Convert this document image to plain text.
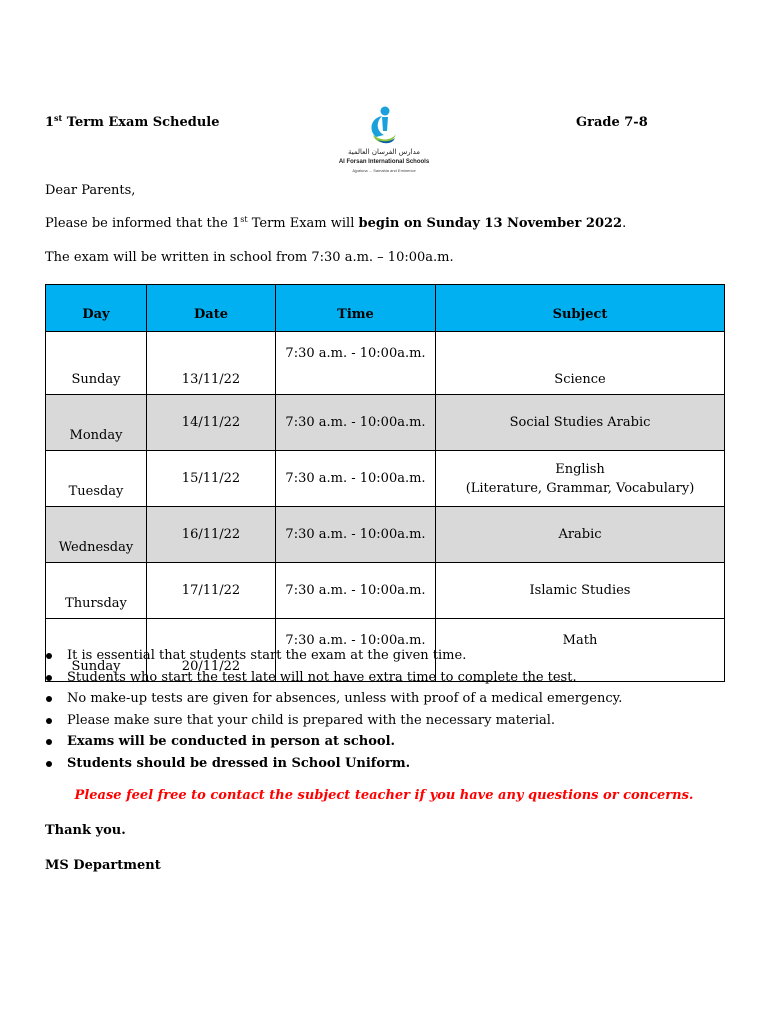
1st Term Exam Schedule
مدارس الفرسان العالمية
Al Forsan International Schools
Ajyaluna ... Samahia and Eminence
Grade 7-8
Dear Parents,
Please be informed that the 1st Term Exam will begin on Sunday 13 November 2022.
The exam will be written in school from 7:30 a.m. – 10:00a.m.
Day	Date	Time	Subject
Sunday	13/11/22	7:30 a.m. - 10:00a.m.	Science
Monday	14/11/22	7:30 a.m. - 10:00a.m.	Social Studies Arabic
Tuesday	15/11/22	7:30 a.m. - 10:00a.m.	English
(Literature, Grammar, Vocabulary)

Wednesday	16/11/22	7:30 a.m. - 10:00a.m.	Arabic
Thursday	17/11/22	7:30 a.m. - 10:00a.m.	Islamic Studies
Sunday	20/11/22	7:30 a.m. - 10:00a.m.	Math
It is essential that students start the exam at the given time.
Students who start the test late will not have extra time to complete the test.
No make-up tests are given for absences, unless with proof of a medical emergency.
Please make sure that your child is prepared with the necessary material.
Exams will be conducted in person at school.
Students should be dressed in School Uniform.
Please feel free to contact the subject teacher if you have any questions or concerns.
Thank you.
MS Department
